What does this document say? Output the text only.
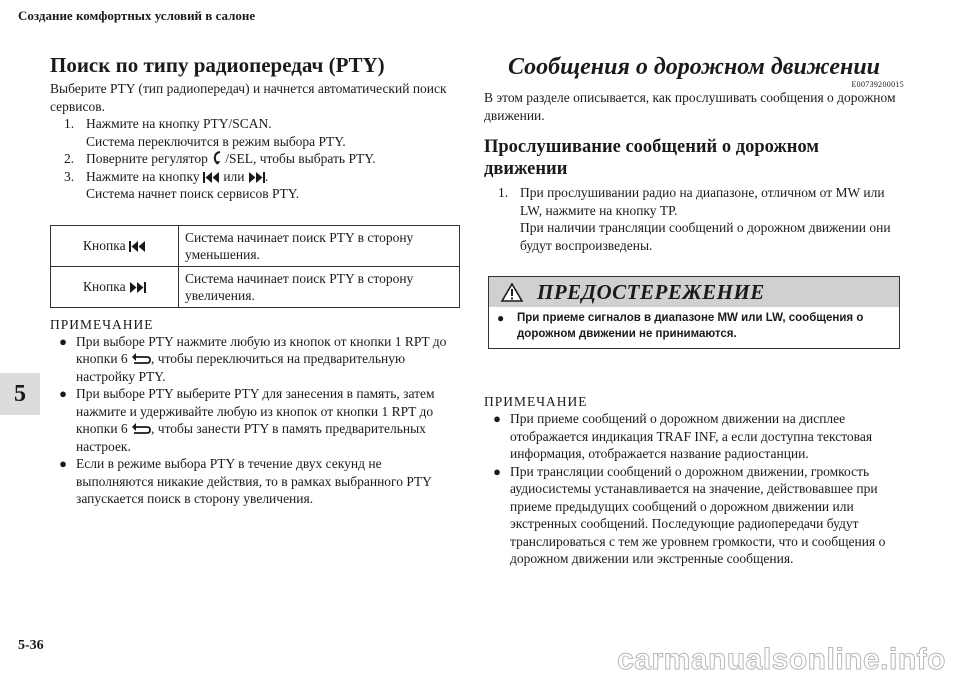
Создание комфортных условий в салоне
5
5-36	carmanualsonline.info
Поиск по типу радиопередач (PTY)
Выберите PTY (тип радиопередач) и начнется автоматический поиск сервисов.
1. Нажмите на кнопку PTY/SCAN.
Система переключится в режим выбора PTY.
2. Поверните регулятор /SEL, чтобы выбрать PTY.
3. Нажмите на кнопку или .
Система начнет поиск сервисов PTY.
Кнопка	Система начинает поиск PTY в сторону уменьшения.
Кнопка	Система начинает поиск PTY в сторону увеличения.
ПРИМЕЧАНИЕ
● При выборе PTY нажмите любую из кнопок от кнопки 1 RPT до кнопки 6 , чтобы переключиться на предварительную настройку PTY.
● При выборе PTY выберите PTY для занесения в память, затем нажмите и удерживайте любую из кнопок от кнопки 1 RPT до кнопки 6 , чтобы занести PTY в память предварительных настроек.
● Если в режиме выбора PTY в течение двух секунд не выполняются никакие действия, то в рамках выбранного PTY запускается поиск в сторону увеличения.
Сообщения о дорожном движении
E00739200015
В этом разделе описывается, как прослушивать сообщения о дорожном движении.
Прослушивание сообщений о дорожном движении
1. При прослушивании радио на диапазоне, отличном от MW или LW, нажмите на кнопку TP.
При наличии трансляции сообщений о дорожном движении они будут воспроизведены.
ПРЕДОСТЕРЕЖЕНИЕ
●	При приеме сигналов в диапазоне MW или LW, сообщения о дорожном движении не принимаются.
ПРИМЕЧАНИЕ
● При приеме сообщений о дорожном движении на дисплее отображается индикация TRAF INF, а если доступна текстовая информация, отображается название радиостанции.
● При трансляции сообщений о дорожном движении, громкость аудиосистемы устанавливается на значение, действовавшее при приеме предыдущих сообщений о дорожном движении или экстренных сообщений. Последующие радиопередачи будут транслироваться с тем же уровнем громкости, что и сообщения о дорожном движении или экстренные сообщения.
